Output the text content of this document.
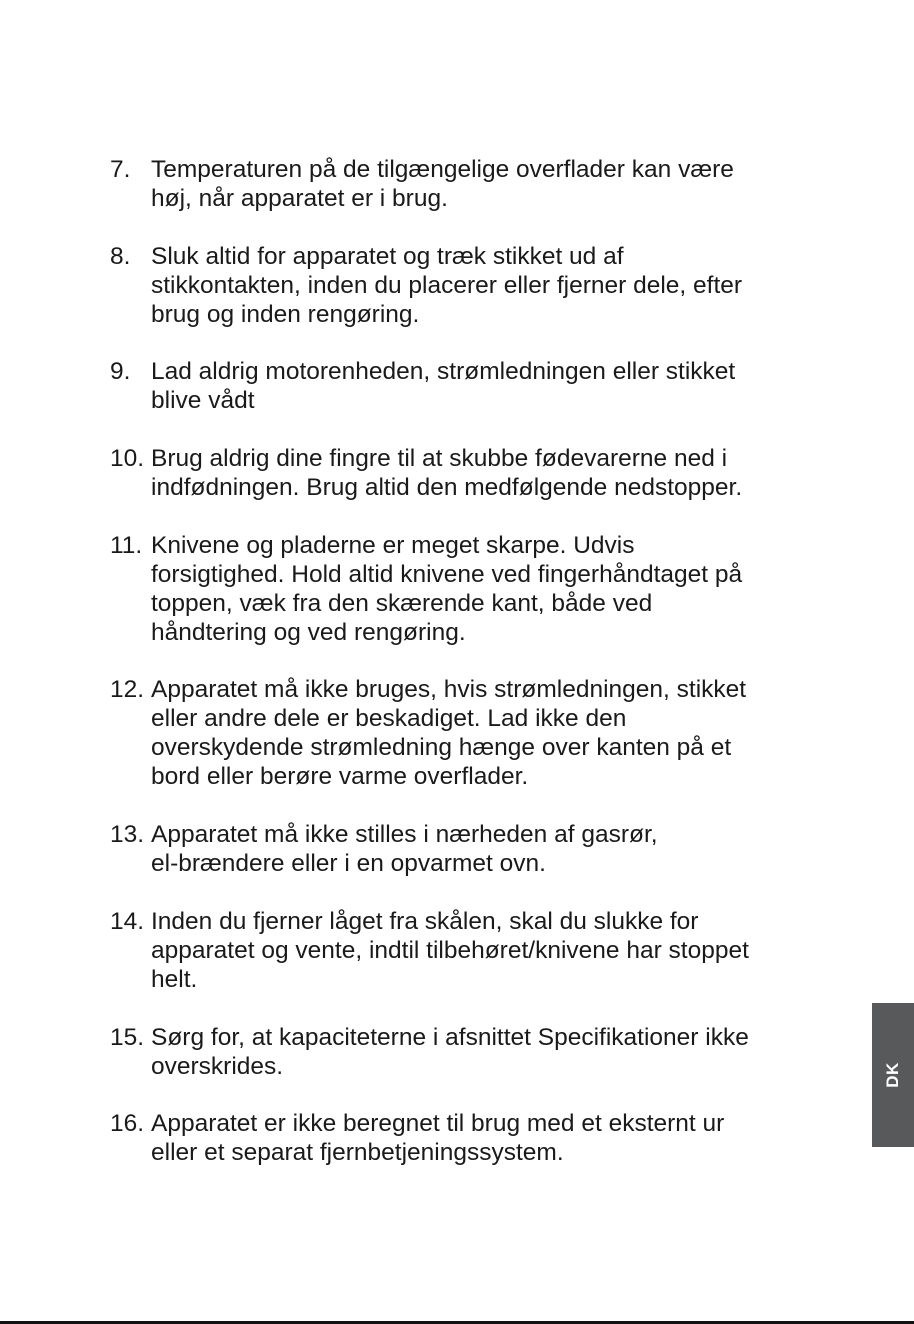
7. Temperaturen på de tilgængelige overflader kan være
høj, når apparatet er i brug.
8. Sluk altid for apparatet og træk stikket ud af
stikkontakten, inden du placerer eller fjerner dele, efter
brug og inden rengøring.
9. Lad aldrig motorenheden, strømledningen eller stikket
blive vådt
10. Brug aldrig dine fingre til at skubbe fødevarerne ned i
indfødningen. Brug altid den medfølgende nedstopper.
11. Knivene og pladerne er meget skarpe. Udvis
forsigtighed. Hold altid knivene ved fingerhåndtaget på
toppen, væk fra den skærende kant, både ved
håndtering og ved rengøring.
12. Apparatet må ikke bruges, hvis strømledningen, stikket
eller andre dele er beskadiget. Lad ikke den
overskydende strømledning hænge over kanten på et
bord eller berøre varme overflader.
13. Apparatet må ikke stilles i nærheden af gasrør,
el-brændere eller i en opvarmet ovn.
14. Inden du fjerner låget fra skålen, skal du slukke for
apparatet og vente, indtil tilbehøret/knivene har stoppet
helt.
15. Sørg for, at kapaciteterne i afsnittet Specifikationer ikke
overskrides.
16. Apparatet er ikke beregnet til brug med et eksternt ur
eller et separat fjernbetjeningssystem.
DK
